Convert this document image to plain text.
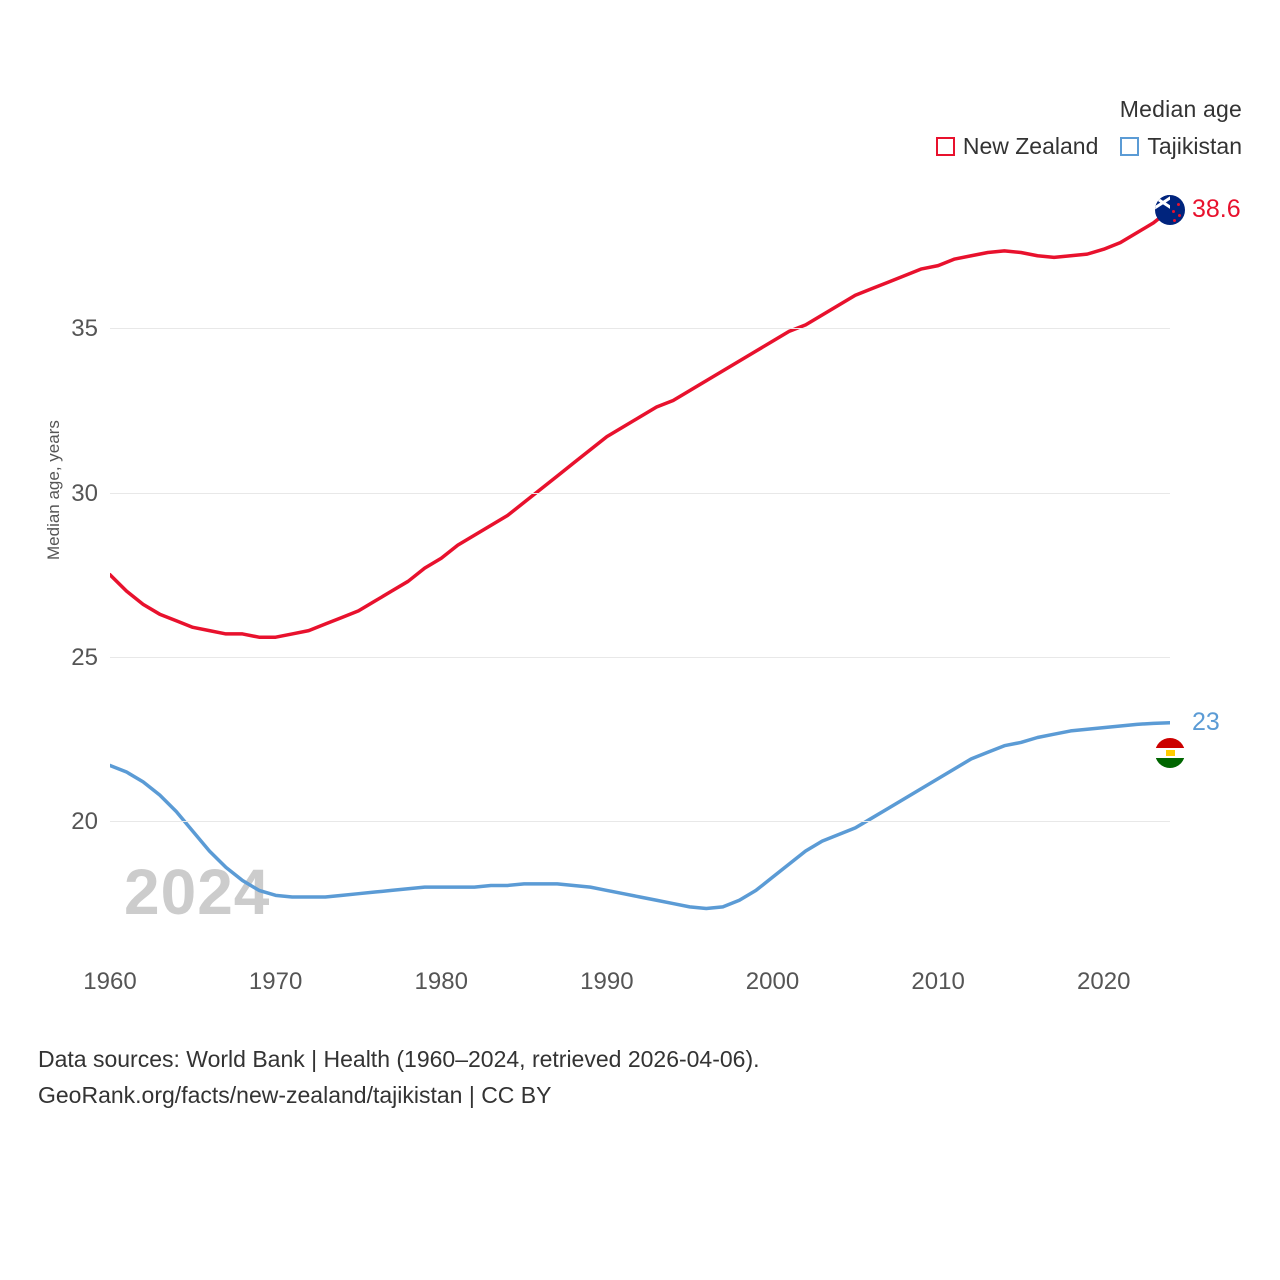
Median age
New Zealand Tajikistan
Median age, years
2024
38.6
23
Data sources: World Bank | Health (1960–2024, retrieved 2026-04-06).
GeoRank.org/facts/new-zealand/tajikistan | CC BY
20
25
30
35
1960	1970	1980	1990	2000	2010	2020
